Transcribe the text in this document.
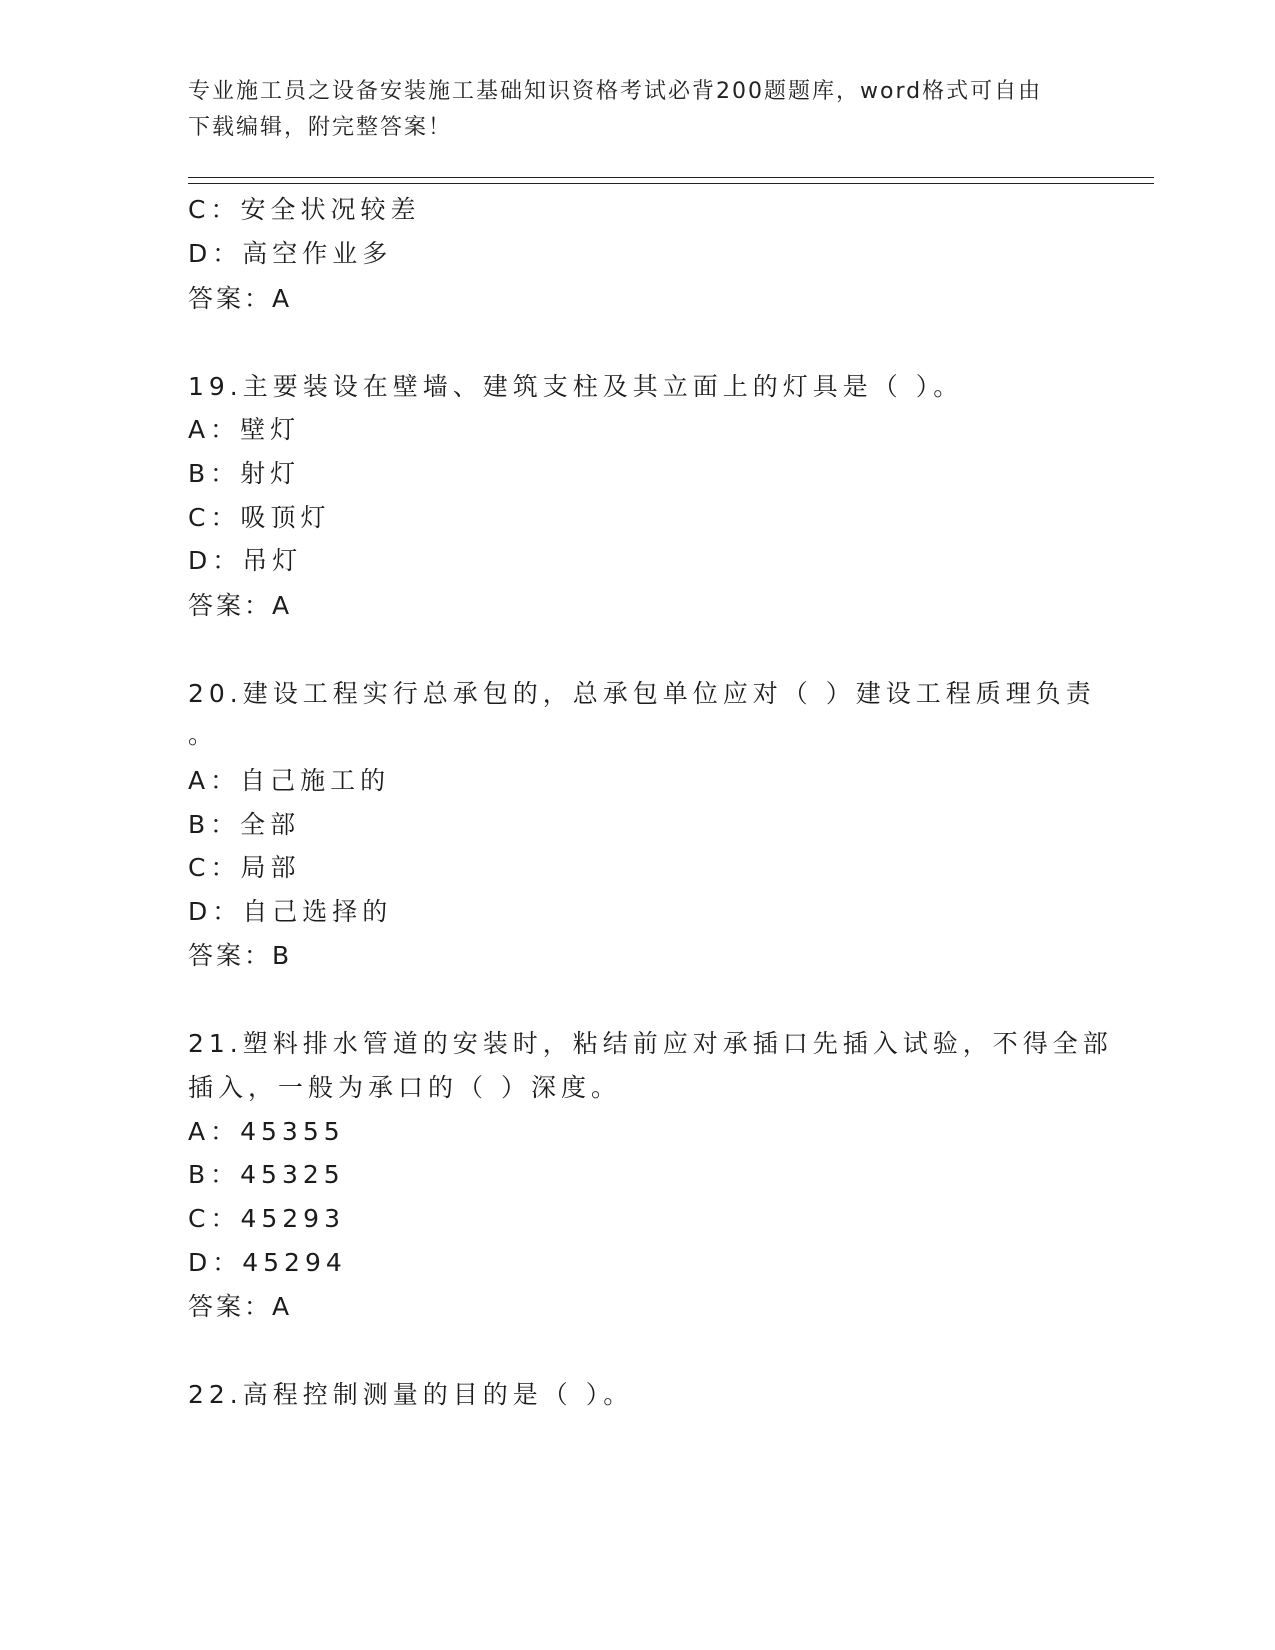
专业施工员之设备安装施工基础知识资格考试必背200题题库，word格式可自由
下载编辑，附完整答案！
C：安全状况较差
D：高空作业多
答案：A
19.主要装设在壁墙、建筑支柱及其立面上的灯具是（ ）。
A：壁灯
B：射灯
C：吸顶灯
D：吊灯
答案：A
20.建设工程实行总承包的，总承包单位应对（ ）建设工程质理负责
。
A：自己施工的
B：全部
C：局部
D：自己选择的
答案：B
21.塑料排水管道的安装时，粘结前应对承插口先插入试验，不得全部
插入，一般为承口的（ ）深度。
A：45355
B：45325
C：45293
D：45294
答案：A
22.高程控制测量的目的是（ ）。
